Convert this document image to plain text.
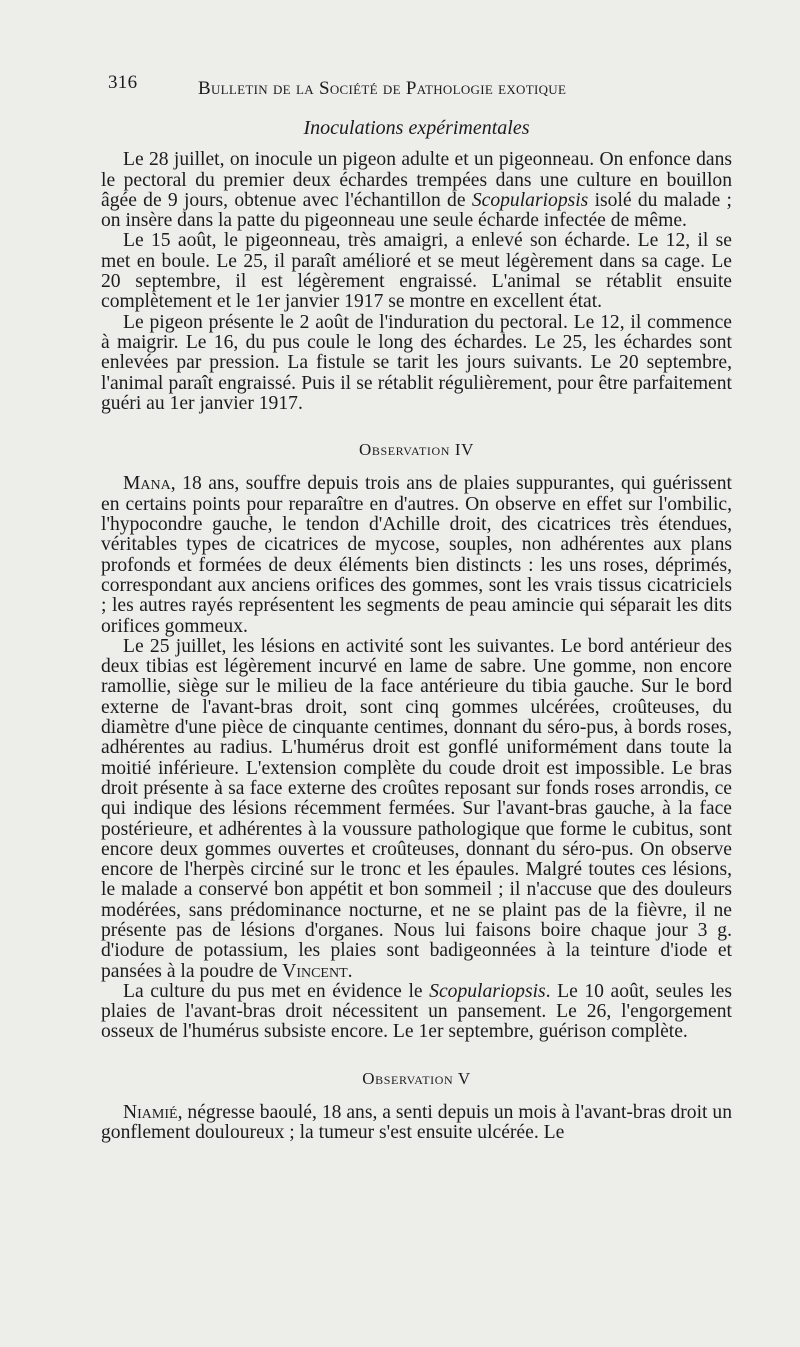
316	Bulletin de la Société de Pathologie exotique
Inoculations expérimentales

Le 28 juillet, on inocule un pigeon adulte et un pigeonneau. On enfonce dans le pectoral du premier deux échardes trempées dans une culture en bouillon âgée de 9 jours, obtenue avec l'échantillon de Scopulariopsis isolé du malade ; on insère dans la patte du pigeonneau une seule écharde infectée de même.

Le 15 août, le pigeonneau, très amaigri, a enlevé son écharde. Le 12, il se met en boule. Le 25, il paraît amélioré et se meut légèrement dans sa cage. Le 20 septembre, il est légèrement engraissé. L'animal se rétablit ensuite complètement et le 1er janvier 1917 se montre en excellent état.

Le pigeon présente le 2 août de l'induration du pectoral. Le 12, il commence à maigrir. Le 16, du pus coule le long des échardes. Le 25, les échardes sont enlevées par pression. La fistule se tarit les jours suivants. Le 20 septembre, l'animal paraît engraissé. Puis il se rétablit régulièrement, pour être parfaitement guéri au 1er janvier 1917.

Observation IV

Mana, 18 ans, souffre depuis trois ans de plaies suppurantes, qui guérissent en certains points pour reparaître en d'autres. On observe en effet sur l'ombilic, l'hypocondre gauche, le tendon d'Achille droit, des cicatrices très étendues, véritables types de cicatrices de mycose, souples, non adhérentes aux plans profonds et formées de deux éléments bien distincts : les uns roses, déprimés, correspondant aux anciens orifices des gommes, sont les vrais tissus cicatriciels ; les autres rayés représentent les segments de peau amincie qui séparait les dits orifices gommeux.

Le 25 juillet, les lésions en activité sont les suivantes. Le bord antérieur des deux tibias est légèrement incurvé en lame de sabre. Une gomme, non encore ramollie, siège sur le milieu de la face antérieure du tibia gauche. Sur le bord externe de l'avant-bras droit, sont cinq gommes ulcérées, croûteuses, du diamètre d'une pièce de cinquante centimes, donnant du séro-pus, à bords roses, adhérentes au radius. L'humérus droit est gonflé uniformément dans toute la moitié inférieure. L'extension complète du coude droit est impossible. Le bras droit présente à sa face externe des croûtes reposant sur fonds roses arrondis, ce qui indique des lésions récemment fermées. Sur l'avant-bras gauche, à la face postérieure, et adhérentes à la voussure pathologique que forme le cubitus, sont encore deux gommes ouvertes et croûteuses, donnant du séro-pus. On observe encore de l'herpès circiné sur le tronc et les épaules. Malgré toutes ces lésions, le malade a conservé bon appétit et bon sommeil ; il n'accuse que des douleurs modérées, sans prédominance nocturne, et ne se plaint pas de la fièvre, il ne présente pas de lésions d'organes. Nous lui faisons boire chaque jour 3 g. d'iodure de potassium, les plaies sont badigeonnées à la teinture d'iode et pansées à la poudre de Vincent.

La culture du pus met en évidence le Scopulariopsis. Le 10 août, seules les plaies de l'avant-bras droit nécessitent un pansement. Le 26, l'engorgement osseux de l'humérus subsiste encore. Le 1er septembre, guérison complète.

Observation V

Niamié, négresse baoulé, 18 ans, a senti depuis un mois à l'avant-bras droit un gonflement douloureux ; la tumeur s'est ensuite ulcérée. Le
